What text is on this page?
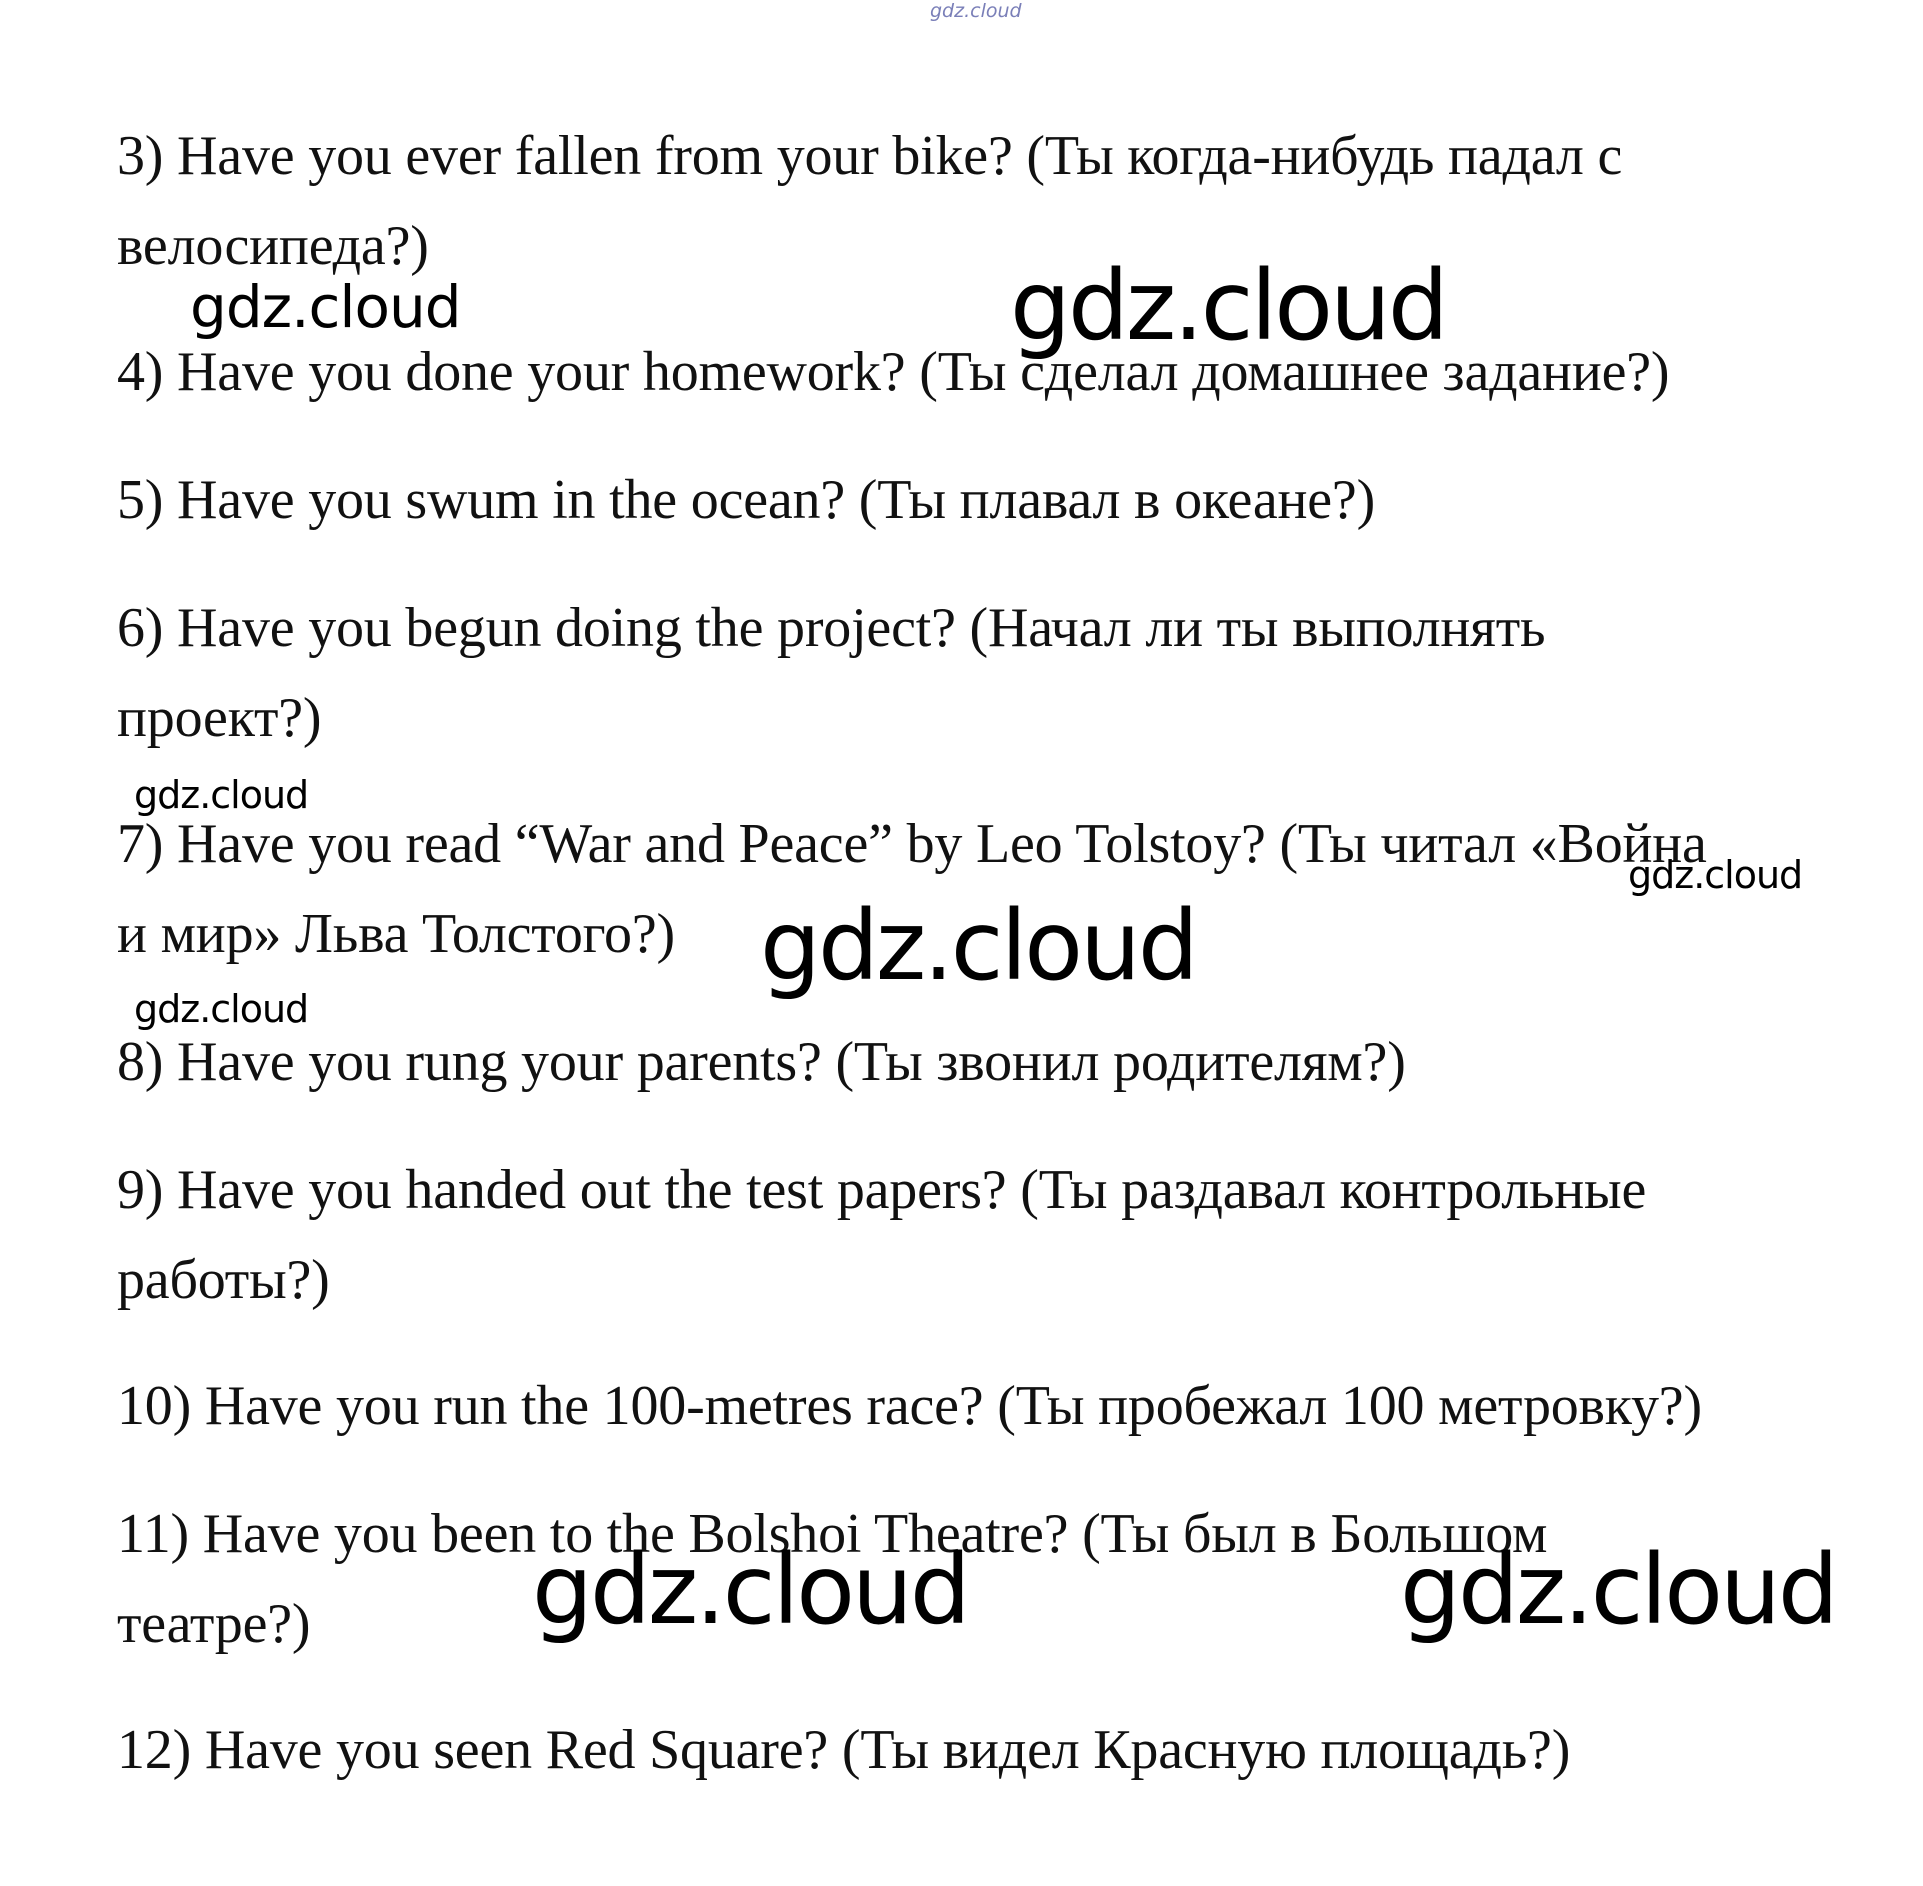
gdz.cloud
3) Have you ever fallen from your bike? (Ты когда-нибудь падал с
велосипеда?)
4) Have you done your homework? (Ты сделал домашнее задание?)
5) Have you swum in the ocean? (Ты плавал в океане?)
6) Have you begun doing the project? (Начал ли ты выполнять
проект?)
7) Have you read “War and Peace” by Leo Tolstoy? (Ты читал «Война
и мир» Льва Толстого?)
8) Have you rung your parents? (Ты звонил родителям?)
9) Have you handed out the test papers? (Ты раздавал контрольные
работы?)
10) Have you run the 100-metres race? (Ты пробежал 100 метровку?)
11) Have you been to the Bolshoi Theatre? (Ты был в Большом
театре?)
12) Have you seen Red Square? (Ты видел Красную площадь?)
gdz.cloud	gdz.cloud
gdz.cloud
gdz.cloud
gdz.cloud
gdz.cloud
gdz.cloud	gdz.cloud
